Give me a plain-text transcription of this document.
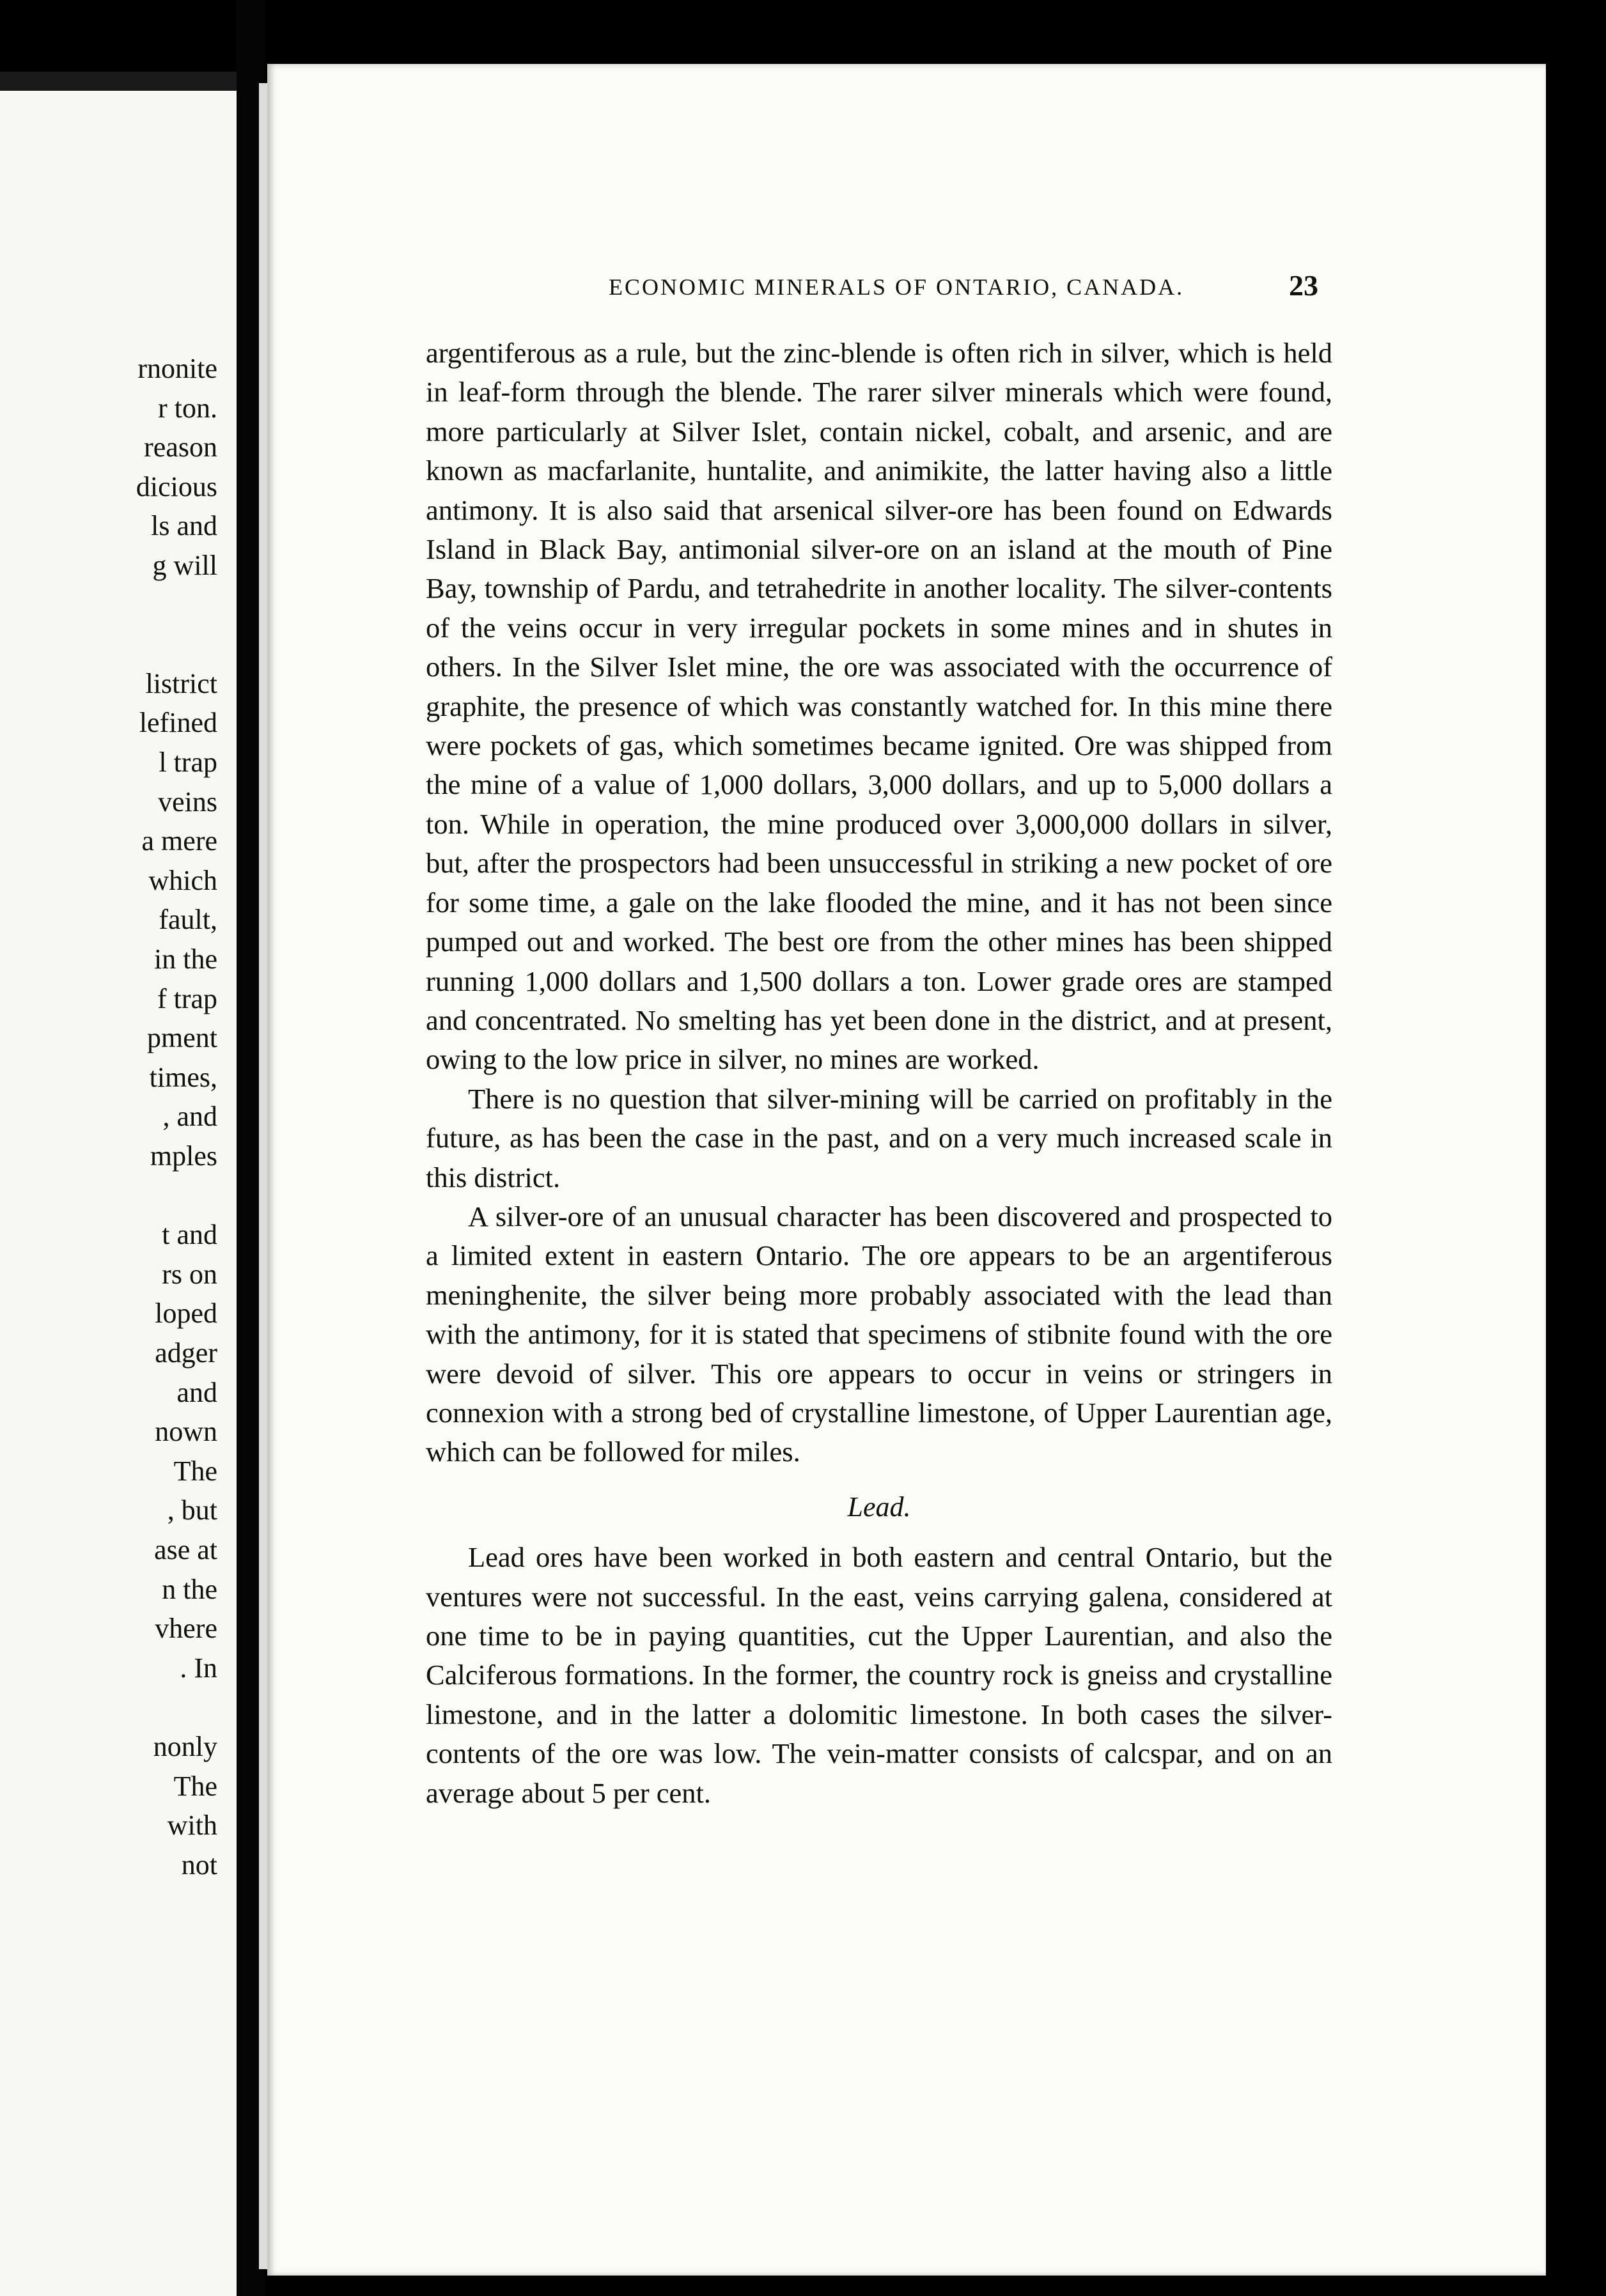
rnonite
r ton.
reason
dicious
ls and
g will
listrict
lefined
l trap
veins
a mere
which
fault,
in the
f trap
pment
times,
, and
mples
t and
rs on
loped
adger
and
nown
The
, but
ase at
n the
vhere
. In
nonly
The
with
not
ECONOMIC MINERALS OF ONTARIO, CANADA.	23

argentiferous as a rule, but the zinc-blende is often rich in silver, which is held in leaf-form through the blende. The rarer silver minerals which were found, more particularly at Silver Islet, contain nickel, cobalt, and arsenic, and are known as macfarlanite, huntalite, and animikite, the latter having also a little antimony. It is also said that arsenical silver-ore has been found on Edwards Island in Black Bay, antimonial silver-ore on an island at the mouth of Pine Bay, township of Pardu, and tetrahedrite in another locality. The silver-contents of the veins occur in very irregular pockets in some mines and in shutes in others. In the Silver Islet mine, the ore was associated with the occurrence of graphite, the presence of which was constantly watched for. In this mine there were pockets of gas, which sometimes became ignited. Ore was shipped from the mine of a value of 1,000 dollars, 3,000 dollars, and up to 5,000 dollars a ton. While in operation, the mine produced over 3,000,000 dollars in silver, but, after the prospectors had been unsuccessful in striking a new pocket of ore for some time, a gale on the lake flooded the mine, and it has not been since pumped out and worked. The best ore from the other mines has been shipped running 1,000 dollars and 1,500 dollars a ton. Lower grade ores are stamped and concentrated. No smelting has yet been done in the district, and at present, owing to the low price in silver, no mines are worked.

There is no question that silver-mining will be carried on profitably in the future, as has been the case in the past, and on a very much increased scale in this district.

A silver-ore of an unusual character has been discovered and prospected to a limited extent in eastern Ontario. The ore appears to be an argentiferous meninghenite, the silver being more probably associated with the lead than with the antimony, for it is stated that specimens of stibnite found with the ore were devoid of silver. This ore appears to occur in veins or stringers in connexion with a strong bed of crystalline limestone, of Upper Laurentian age, which can be followed for miles.

Lead.

Lead ores have been worked in both eastern and central Ontario, but the ventures were not successful. In the east, veins carrying galena, considered at one time to be in paying quantities, cut the Upper Laurentian, and also the Calciferous formations. In the former, the country rock is gneiss and crystalline limestone, and in the latter a dolomitic limestone. In both cases the silver-contents of the ore was low. The vein-matter consists of calcspar, and on an average about 5 per cent.
